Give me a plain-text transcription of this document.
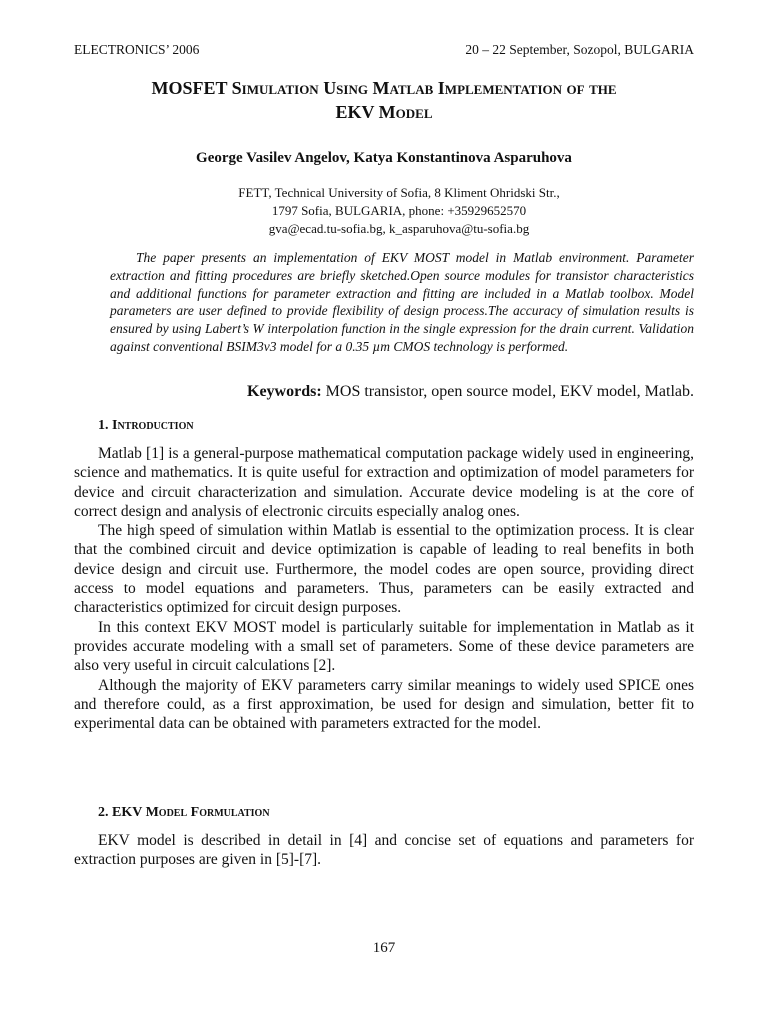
ELECTRONICS’ 2006	20 – 22 September, Sozopol, BULGARIA
MOSFET Simulation Using Matlab Implementation of the
EKV Model
George Vasilev Angelov, Katya Konstantinova Asparuhova
FETT, Technical University of Sofia, 8 Kliment Ohridski Str.,
1797 Sofia, BULGARIA, phone: +35929652570
gva@ecad.tu-sofia.bg, k_asparuhova@tu-sofia.bg
The paper presents an implementation of EKV MOST model in Matlab environment. Parameter extraction and fitting procedures are briefly sketched.Open source modules for transistor characteristics and additional functions for parameter extraction and fitting are included in a Matlab toolbox. Model parameters are user defined to provide flexibility of design process.The accuracy of simulation results is ensured by using Labert’s W interpolation function in the single expression for the drain current. Validation against conventional BSIM3v3 model for a 0.35 µm CMOS technology is performed.
Keywords: MOS transistor, open source model, EKV model, Matlab.
1. Introduction

Matlab [1] is a general-purpose mathematical computation package widely used in engineering, science and mathematics. It is quite useful for extraction and optimization of model parameters for device and circuit characterization and simulation. Accurate device modeling is at the core of correct design and analysis of electronic circuits especially analog ones.

The high speed of simulation within Matlab is essential to the optimization process. It is clear that the combined circuit and device optimization is capable of leading to real benefits in both device design and circuit use. Furthermore, the model codes are open source, providing direct access to model equations and parameters. Thus, parameters can be easily extracted and characteristics optimized for circuit design purposes.

In this context EKV MOST model is particularly suitable for implementation in Matlab as it provides accurate modeling with a small set of parameters. Some of these device parameters are also very useful in circuit calculations [2].

Although the majority of EKV parameters carry similar meanings to widely used SPICE ones and therefore could, as a first approximation, be used for design and simulation, better fit to experimental data can be obtained with parameters extracted for the model.

2. EKV Model Formulation

EKV model is described in detail in [4] and concise set of equations and parameters for extraction purposes are given in [5]-[7].

167
